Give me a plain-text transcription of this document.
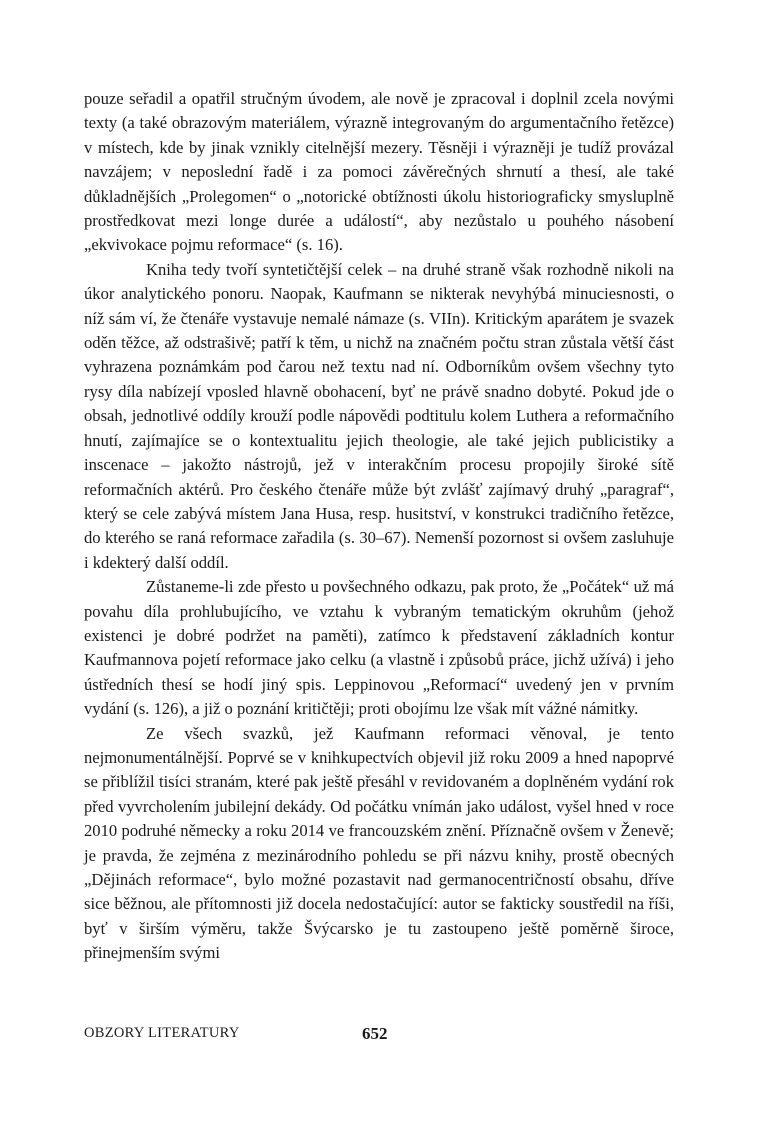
pouze seřadil a opatřil stručným úvodem, ale nově je zpracoval i doplnil zcela novými texty (a také obrazovým materiálem, výrazně integrovaným do argumentačního řetězce) v místech, kde by jinak vznikly citelnější mezery. Těsněji i výrazněji je tudíž provázal navzájem; v neposlední řadě i za pomoci závěrečných shrnutí a thesí, ale také důkladnějších „Prolegomen“ o „notorické obtížnosti úkolu historiograficky smysluplně prostředkovat mezi longe durée a událostí“, aby nezůstalo u pouhého násobení „ekvivokace pojmu reformace“ (s. 16).

Kniha tedy tvoří syntetičtější celek – na druhé straně však rozhodně nikoli na úkor analytického ponoru. Naopak, Kaufmann se nikterak nevyhýbá minuciesnosti, o níž sám ví, že čtenáře vystavuje nemalé námaze (s. VIIn). Kritickým aparátem je svazek oděn těžce, až odstrašivě; patří k těm, u nichž na značném počtu stran zůstala větší část vyhrazena poznámkám pod čarou než textu nad ní. Odborníkům ovšem všechny tyto rysy díla nabízejí vposled hlavně obohacení, byť ne právě snadno dobyté. Pokud jde o obsah, jednotlivé oddíly krouží podle nápovědi podtitulu kolem Luthera a reformačního hnutí, zajímajíce se o kontextualitu jejich theologie, ale také jejich publicistiky a inscenace – jakožto nástrojů, jež v interakčním procesu propojily široké sítě reformačních aktérů. Pro českého čtenáře může být zvlášť zajímavý druhý „paragraf“, který se cele zabývá místem Jana Husa, resp. husitství, v konstrukci tradičního řetězce, do kterého se raná reformace zařadila (s. 30–67). Nemenší pozornost si ovšem zasluhuje i kdekterý další oddíl.

Zůstaneme-li zde přesto u povšechného odkazu, pak proto, že „Počátek“ už má povahu díla prohlubujícího, ve vztahu k vybraným tematickým okruhům (jehož existenci je dobré podržet na paměti), zatímco k představení základních kontur Kaufmannova pojetí reformace jako celku (a vlastně i způsobů práce, jichž užívá) i jeho ústředních thesí se hodí jiný spis. Leppinovou „Reformací“ uvedený jen v prvním vydání (s. 126), a již o poznání kritičtěji; proti obojímu lze však mít vážné námitky.

Ze všech svazků, jež Kaufmann reformaci věnoval, je tento nejmonumentálnější. Poprvé se v knihkupectvích objevil již roku 2009 a hned napoprvé se přiblížil tisíci stranám, které pak ještě přesáhl v revidovaném a doplněném vydání rok před vyvrcholením jubilejní dekády. Od počátku vnímán jako událost, vyšel hned v roce 2010 podruhé německy a roku 2014 ve francouzském znění. Příznačně ovšem v Ženevě; je pravda, že zejména z mezinárodního pohledu se při názvu knihy, prostě obecných „Dějinách reformace“, bylo možné pozastavit nad germanocentričností obsahu, dříve sice běžnou, ale přítomnosti již docela nedostačující: autor se fakticky soustředil na říši, byť v širším výměru, takže Švýcarsko je tu zastoupeno ještě poměrně široce, přinejmenším svými

OBZORY LITERATURY	652
